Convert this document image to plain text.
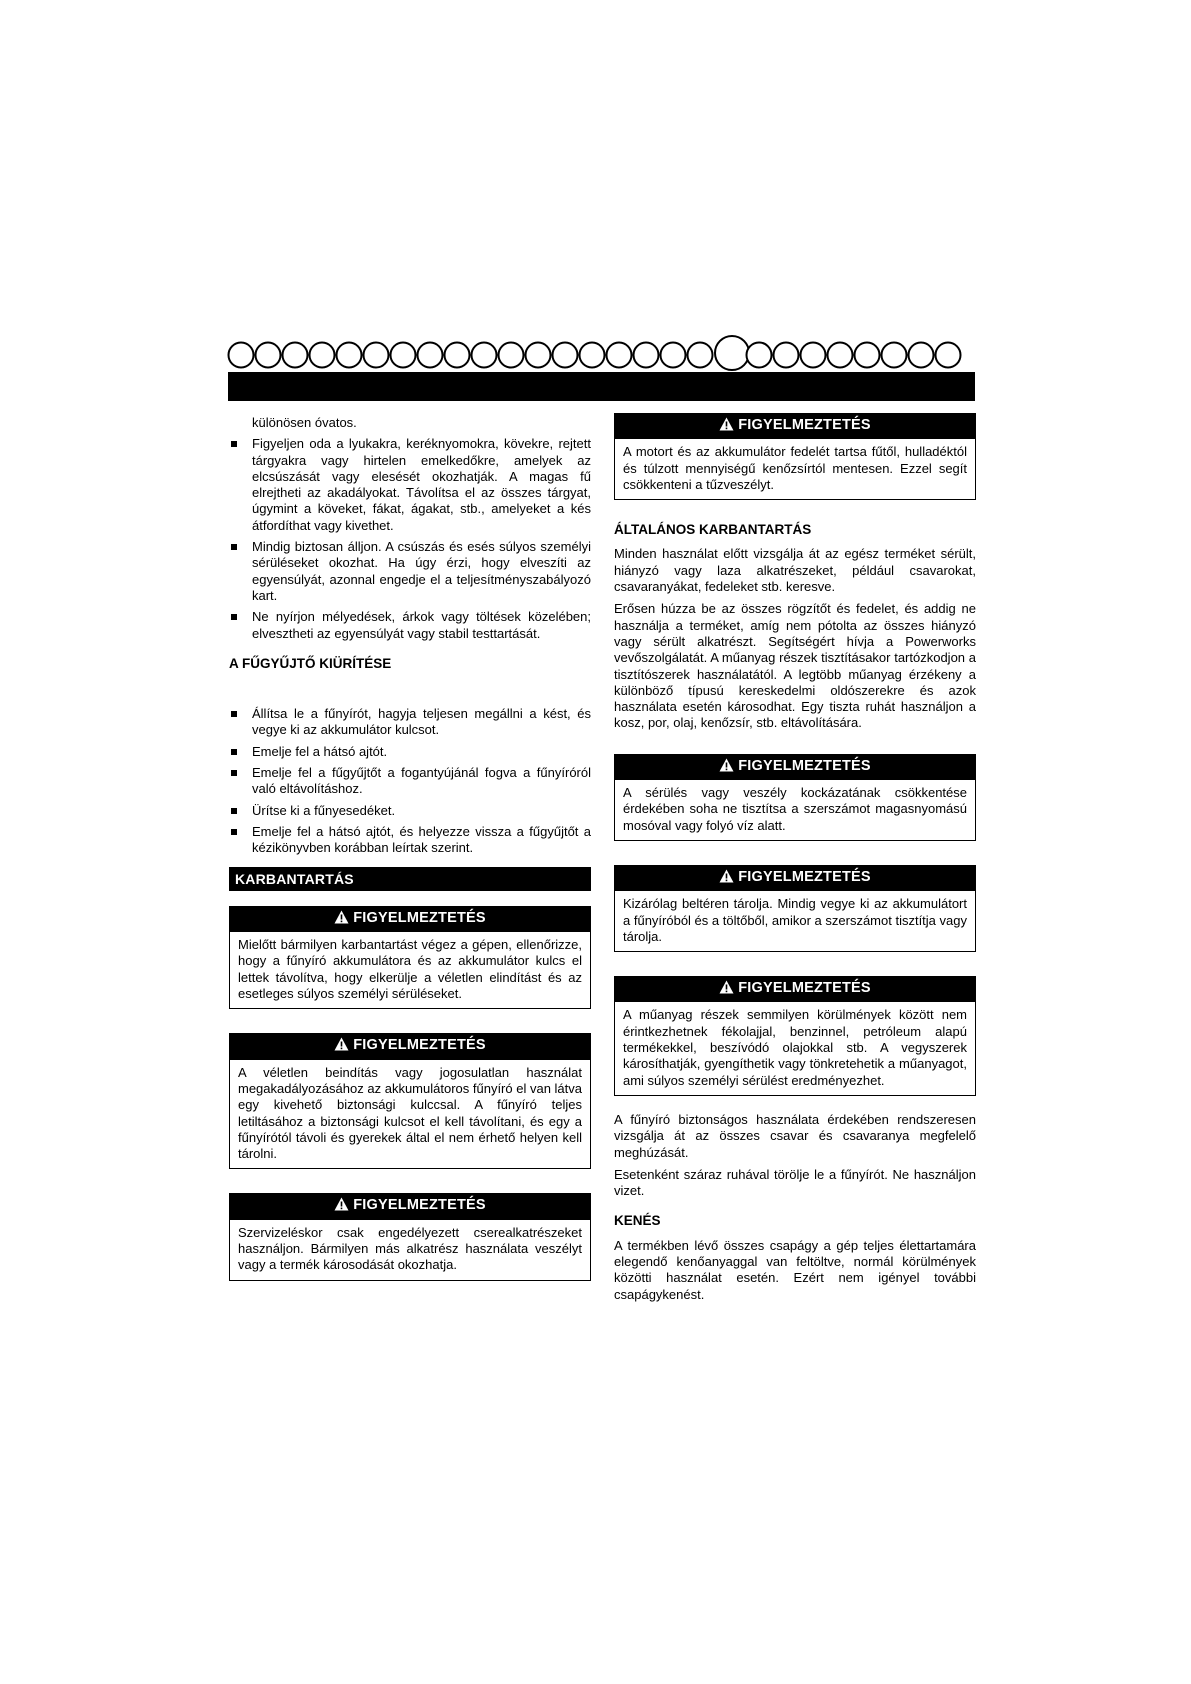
különösen óvatos.

Figyeljen oda a lyukakra, keréknyomokra, kövekre, rejtett tárgyakra vagy hirtelen emelkedőkre, amelyek az elcsúszását vagy elesését okozhatják. A magas fű elrejtheti az akadályokat. Távolítsa el az összes tárgyat, úgymint a köveket, fákat, ágakat, stb., amelyeket a kés átfordíthat vagy kivethet.
Mindig biztosan álljon. A csúszás és esés súlyos személyi sérüléseket okozhat. Ha úgy érzi, hogy elveszíti az egyensúlyát, azonnal engedje el a teljesítményszabályozó kart.
Ne nyírjon mélyedések, árkok vagy töltések közelében; elvesztheti az egyensúlyát vagy stabil testtartását.
A FŰGYŰJTŐ KIÜRÍTÉSE
Állítsa le a fűnyírót, hagyja teljesen megállni a kést, és vegye ki az akkumulátor kulcsot.
Emelje fel a hátsó ajtót.
Emelje fel a fűgyűjtőt a fogantyújánál fogva a fűnyíróról való eltávolításhoz.
Ürítse ki a fűnyesedéket.
Emelje fel a hátsó ajtót, és helyezze vissza a fűgyűjtőt a kézikönyvben korábban leírtak szerint.
KARBANTARTÁS
FIGYELMEZTETÉS
Mielőtt bármilyen karbantartást végez a gépen, ellenőrizze, hogy a fűnyíró akkumulátora és az akkumulátor kulcs el lettek távolítva, hogy elkerülje a véletlen elindítást és az esetleges súlyos személyi sérüléseket.
FIGYELMEZTETÉS
A véletlen beindítás vagy jogosulatlan használat megakadályozásához az akkumulátoros fűnyíró el van látva egy kivehető biztonsági kulccsal. A fűnyíró teljes letiltásához a biztonsági kulcsot el kell távolítani, és egy a fűnyírótól távoli és gyerekek által el nem érhető helyen kell tárolni.
FIGYELMEZTETÉS
Szervizeléskor csak engedélyezett cserealkatrészeket használjon. Bármilyen más alkatrész használata veszélyt vagy a termék károsodását okozhatja.
FIGYELMEZTETÉS
A motort és az akkumulátor fedelét tartsa fűtől, hulladéktól és túlzott mennyiségű kenőzsírtól mentesen. Ezzel segít csökkenteni a tűzveszélyt.
ÁLTALÁNOS KARBANTARTÁS

Minden használat előtt vizsgálja át az egész terméket sérült, hiányzó vagy laza alkatrészeket, például csavarokat, csavaranyákat, fedeleket stb. keresve.

Erősen húzza be az összes rögzítőt és fedelet, és addig ne használja a terméket, amíg nem pótolta az összes hiányzó vagy sérült alkatrészt. Segítségért hívja a Powerworks vevőszolgálatát. A műanyag részek tisztításakor tartózkodjon a tisztítószerek használatától. A legtöbb műanyag érzékeny a különböző típusú kereskedelmi oldószerekre és azok használata esetén károsodhat. Egy tiszta ruhát használjon a kosz, por, olaj, kenőzsír, stb. eltávolítására.

FIGYELMEZTETÉS
A sérülés vagy veszély kockázatának csökkentése érdekében soha ne tisztítsa a szerszámot magasnyomású mosóval vagy folyó víz alatt.
FIGYELMEZTETÉS
Kizárólag beltéren tárolja. Mindig vegye ki az akkumulátort a fűnyíróból és a töltőből, amikor a szerszámot tisztítja vagy tárolja.
FIGYELMEZTETÉS
A műanyag részek semmilyen körülmények között nem érintkezhetnek fékolajjal, benzinnel, petróleum alapú termékekkel, beszívódó olajokkal stb. A vegyszerek károsíthatják, gyengíthetik vagy tönkretehetik a műanyagot, ami súlyos személyi sérülést eredményezhet.

A fűnyíró biztonságos használata érdekében rendszeresen vizsgálja át az összes csavar és csavaranya megfelelő meghúzását.

Esetenként száraz ruhával törölje le a fűnyírót. Ne használjon vizet.

KENÉS

A termékben lévő összes csapágy a gép teljes élettartamára elegendő kenőanyaggal van feltöltve, normál körülmények közötti használat esetén. Ezért nem igényel további csapágykenést.
